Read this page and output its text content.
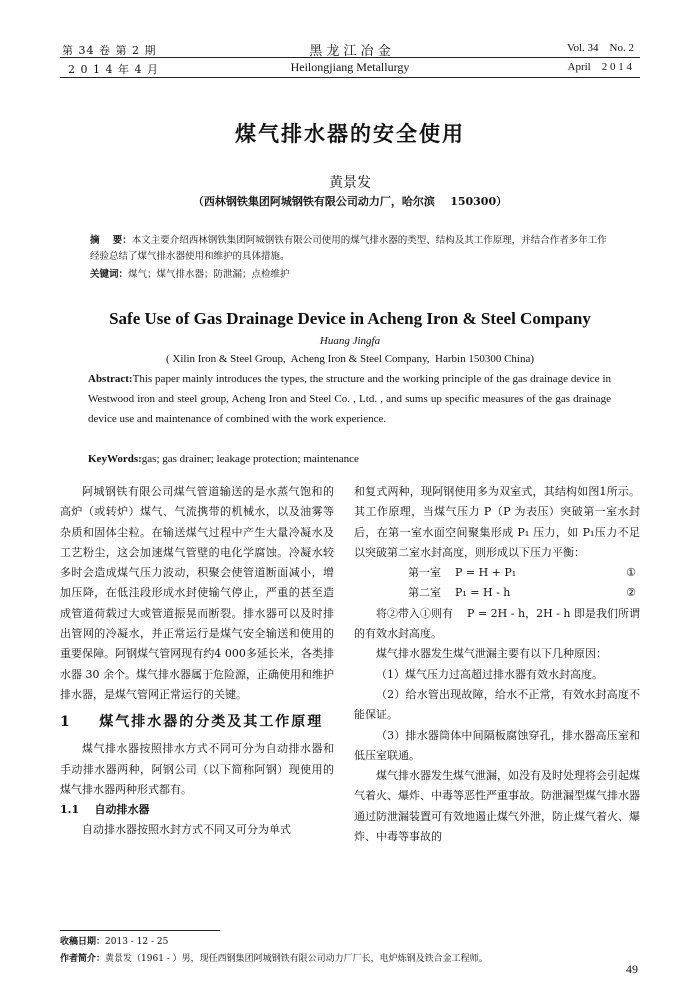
第 34 卷 第 2 期
2 0 1 4 年 4 月
黑 龙 江 冶 金
Heilongjiang Metallurgy
Vol. 34    No. 2
April    2 0 1 4
煤气排水器的安全使用
黄景发
（西林钢铁集团阿城钢铁有限公司动力厂，哈尔滨    150300）
摘    要：本文主要介绍西林钢铁集团阿城钢铁有限公司使用的煤气排水器的类型、结构及其工作原理，并结合作者多年工作经验总结了煤气排水器使用和维护的具体措施。
关键词：煤气；煤气排水器；防泄漏；点检维护
Safe Use of Gas Drainage Device in Acheng Iron & Steel Company
Huang Jingfa
( Xilin Iron & Steel Group,  Acheng Iron & Steel Company,  Harbin 150300 China)
Abstract:This paper mainly introduces the types, the structure and the working principle of the gas drainage device in Westwood iron and steel group, Acheng Iron and Steel Co. , Ltd. , and sums up specific measures of the gas drainage device use and maintenance of combined with the work experience.
KeyWords:gas; gas drainer; leakage protection; maintenance

阿城钢铁有限公司煤气管道输送的是水蒸气饱和的高炉（或转炉）煤气、气流携带的机械水，以及油雾等杂质和固体尘粒。在输送煤气过程中产生大量冷凝水及工艺粉尘，这会加速煤气管壁的电化学腐蚀。冷凝水较多时会造成煤气压力波动，积聚会使管道断面减小，增加压降，在低洼段形成水封使输气停止，严重的甚至造成管道荷载过大或管道振晃而断裂。排水器可以及时排出管网的冷凝水，并正常运行是煤气安全输送和使用的重要保障。阿钢煤气管网现有约4 000多延长米，各类排水器 30 余个。煤气排水器属于危险源，正确使用和维护排水器，是煤气管网正常运行的关键。

1    煤气排水器的分类及其工作原理

煤气排水器按照排水方式不同可分为自动排水器和手动排水器两种，阿钢公司（以下简称阿钢）现使用的煤气排水器两种形式都有。

1.1    自动排水器

自动排水器按照水封方式不同又可分为单式

和复式两种，现阿钢使用多为双室式，其结构如图1所示。其工作原理，当煤气压力 P（P 为表压）突破第一室水封后，在第一室水面空间聚集形成 P₁ 压力，如 P₁压力不足以突破第二室水封高度，则形成以下压力平衡：

第一室    P = H + P₁	①
第二室    P₁ = H - h	②

将②带入①则有    P = 2H - h，2H - h 即是我们所谓的有效水封高度。

煤气排水器发生煤气泄漏主要有以下几种原因：

（1）煤气压力过高超过排水器有效水封高度。

（2）给水管出现故障，给水不正常，有效水封高度不能保证。

（3）排水器筒体中间隔板腐蚀穿孔，排水器高压室和低压室联通。

煤气排水器发生煤气泄漏，如没有及时处理将会引起煤气着火、爆炸、中毒等恶性严重事故。防泄漏型煤气排水器通过防泄漏装置可有效地遏止煤气外泄，防止煤气着火、爆炸、中毒等事故的

收稿日期：2013 - 12 - 25
作者简介：黄景发（1961 - ）男，现任西钢集团阿城钢铁有限公司动力厂厂长，电炉炼钢及铁合金工程师。
49
